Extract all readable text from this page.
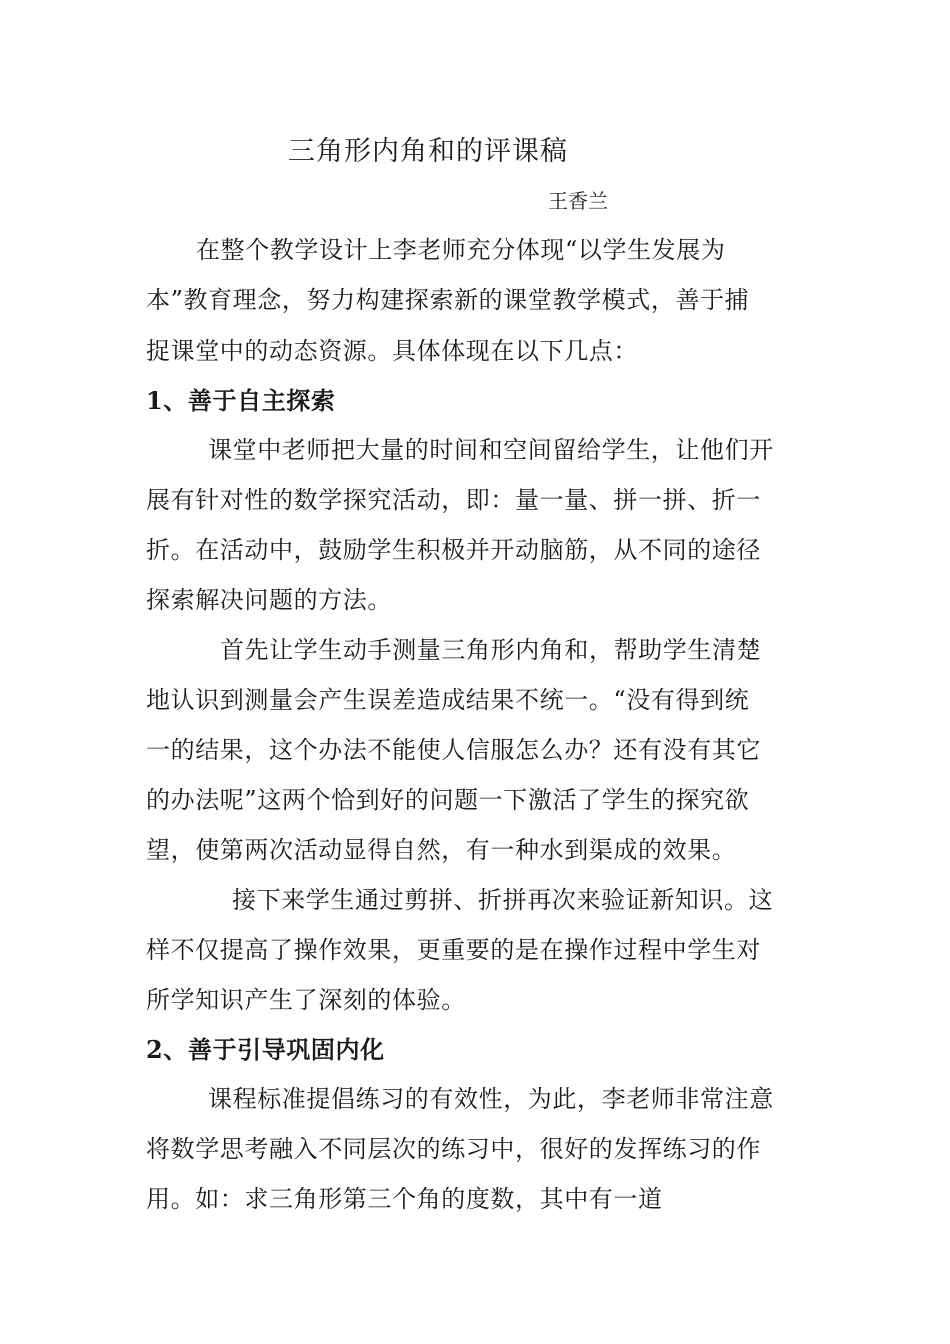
三角形内角和的评课稿
王香兰
在整个教学设计上李老师充分体现“以学生发展为
本”教育理念，努力构建探索新的课堂教学模式，善于捕
捉课堂中的动态资源。具体体现在以下几点：
1、善于自主探索
课堂中老师把大量的时间和空间留给学生，让他们开
展有针对性的数学探究活动，即：量一量、拼一拼、折一
折。在活动中，鼓励学生积极并开动脑筋，从不同的途径
探索解决问题的方法。
首先让学生动手测量三角形内角和，帮助学生清楚
地认识到测量会产生误差造成结果不统一。“没有得到统
一的结果，这个办法不能使人信服怎么办？还有没有其它
的办法呢”这两个恰到好的问题一下激活了学生的探究欲
望，使第两次活动显得自然，有一种水到渠成的效果。
接下来学生通过剪拼、折拼再次来验证新知识。这
样不仅提高了操作效果，更重要的是在操作过程中学生对
所学知识产生了深刻的体验。
2、善于引导巩固内化
课程标准提倡练习的有效性，为此，李老师非常注意
将数学思考融入不同层次的练习中，很好的发挥练习的作
用。如：求三角形第三个角的度数，其中有一道
